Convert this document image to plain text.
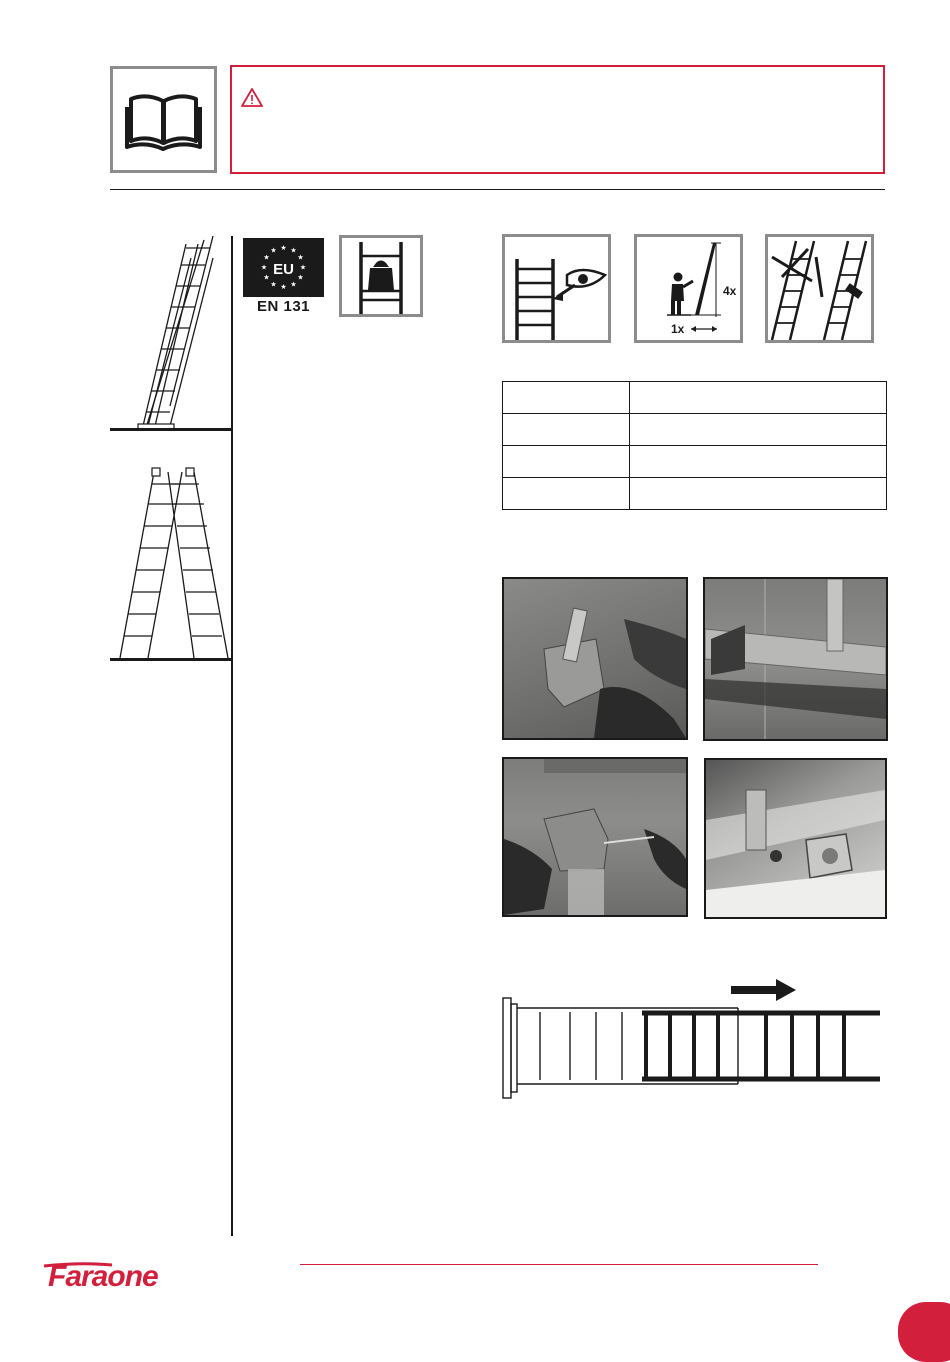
EU
★ ★
★
★
★
★
★
★
★
★
★
★
EN 131
4x
1x

Faraone
